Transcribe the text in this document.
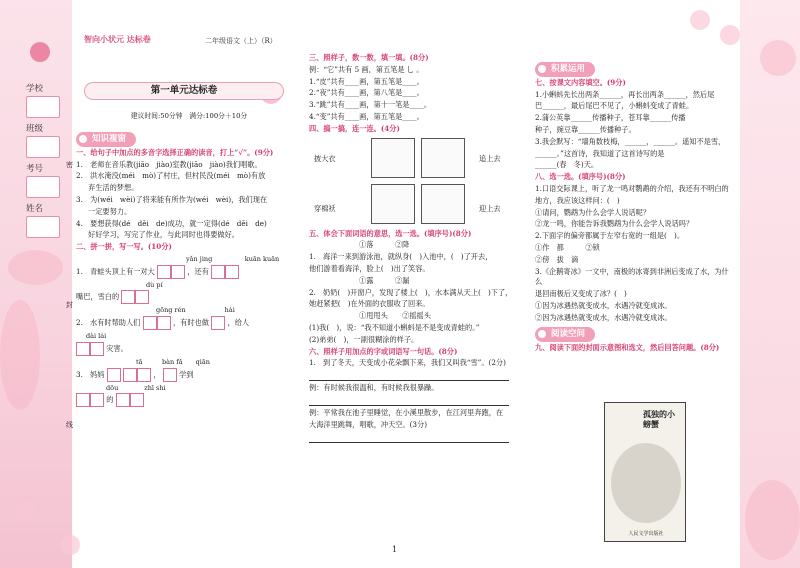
智向小状元 达标卷	二年级语文（上）（R）
学校
班级
考号
姓名
密
封
线
第一单元达标卷
建议时间:50分钟　满分:100分＋10分
知识複窗
一、给句子中加点的多音字选择正确的读音，打上“√”。(9分)
1.　老师在音乐教(jiāo　jiào)室教(jiāo　jiào)我们唱歌。
2.　洪水淹没(méi　mò)了村庄，但村民没(méi　mò)有放
弃生活的梦想。
3.　为(wéi　wèi)了将来能有所作为(wéi　wèi)，我们现在
一定要努力。
4.　要想获得(dé　děi　de)成功，就一定得(dé　děi　de)
好好学习，写完了作业，与此同时也得要做好。
二、拼一拼，写一写。(10分)
yǎn jing　　　　　	kuān kuān
1.　青蛙头顶上有一对大	，还有
dù pí
嘴巴，雪白的
gōng rén　　　　　　	hài
2.　水有时帮助人们	，有时也做	，给人
dài lái
灾害。
tā　　　	bàn fǎ　　 qiān
3.　妈妈	，	学到
dōu　　　　	zhī shi
的
三、照样子，数一数，填一填。(8分)
例：“它”共有 5 画，第五笔是 乚 。
1.“皮”共有____画，第五笔是____。
2.“夜”共有____画，第八笔是____。
3.“跳”共有____画，第十一笔是____。
4.“变”共有____画，第五笔是____。
四、搞一搞，连一连。(4分)
披大衣
穿棉袄
追上去
迎上去
五、体会下面词语的意思，选一选。(填序号)(8分)
①落　　　②降
1.　海洋一来到游泳池，就纵身(　)入池中，(　)了开去，
他们游着看海洋，脸上(　)出了笑容。
①露　　　②漏
2.　奶奶(　)开窗户，发现了楼上(　)，水本满从天上(　)下了，
她赶紧把(　)在外面的衣服收了回来。
①甩甩头　　②摇摇头
(1)我(　)，说：“我不知道小蝌蚪是不是变成青蛙的。”
(2)弟弟(　)，一副很糊涂的样子。
六、照样子用加点的字或词语写一句话。(8分)
1.　到了冬天，天变成小花朵飘下来，我们又叫我“雪”。(2分)
例：有时候我很温和，有时候我很暴躁。
例：平常我在池子里睡觉，在小溪里散步，在江河里奔跑，在
大海洋里跳舞，唱歌，冲天空。(3分)
积累运用
七、按课文内容填空。(9分)
1.小蝌蚪先长出两条______，再长出两条______，然后尾
巴______，最后尾巴不见了，小蝌蚪变成了青蛙。
2.蒲公英靠______传播种子，苍耳靠______传播
种子，豌豆靠______传播种子。
3.我会默写：“墙角数枝梅，______，______。遥知不是雪，
______。”这首诗，我知道了这首诗写的是
______(春　冬)天。
八、选一选。(填序号)(8分)
1.口语交际课上，听了龙一鸣对鹦鹉的介绍，我还有不明白的
地方，我应该这样问：(　)
①请问，鹦鹉为什么会学人说话呢？
②龙一鸣，你能告诉我鹦鹉为什么会学人说话吗？
2.下面字的偏旁都属于左窄右宽的一组是(　)。
①作　都　　　②锁　　　
②傍　拔　滴
3.《企鹅寄冰》一文中，南极的冰寄到非洲后变成了水，为什么
退回南极后又变成了冰？(　)
①因为冰遇热就变成水，水遇冷就变成冰。
②因为冰遇热就变成水，水遇冷就变成冰。
阅读空间
九、阅读下面的封面示意图和选文，然后回答问题。(8分)
孤独的小螃蟹
人民文学出版社
1
